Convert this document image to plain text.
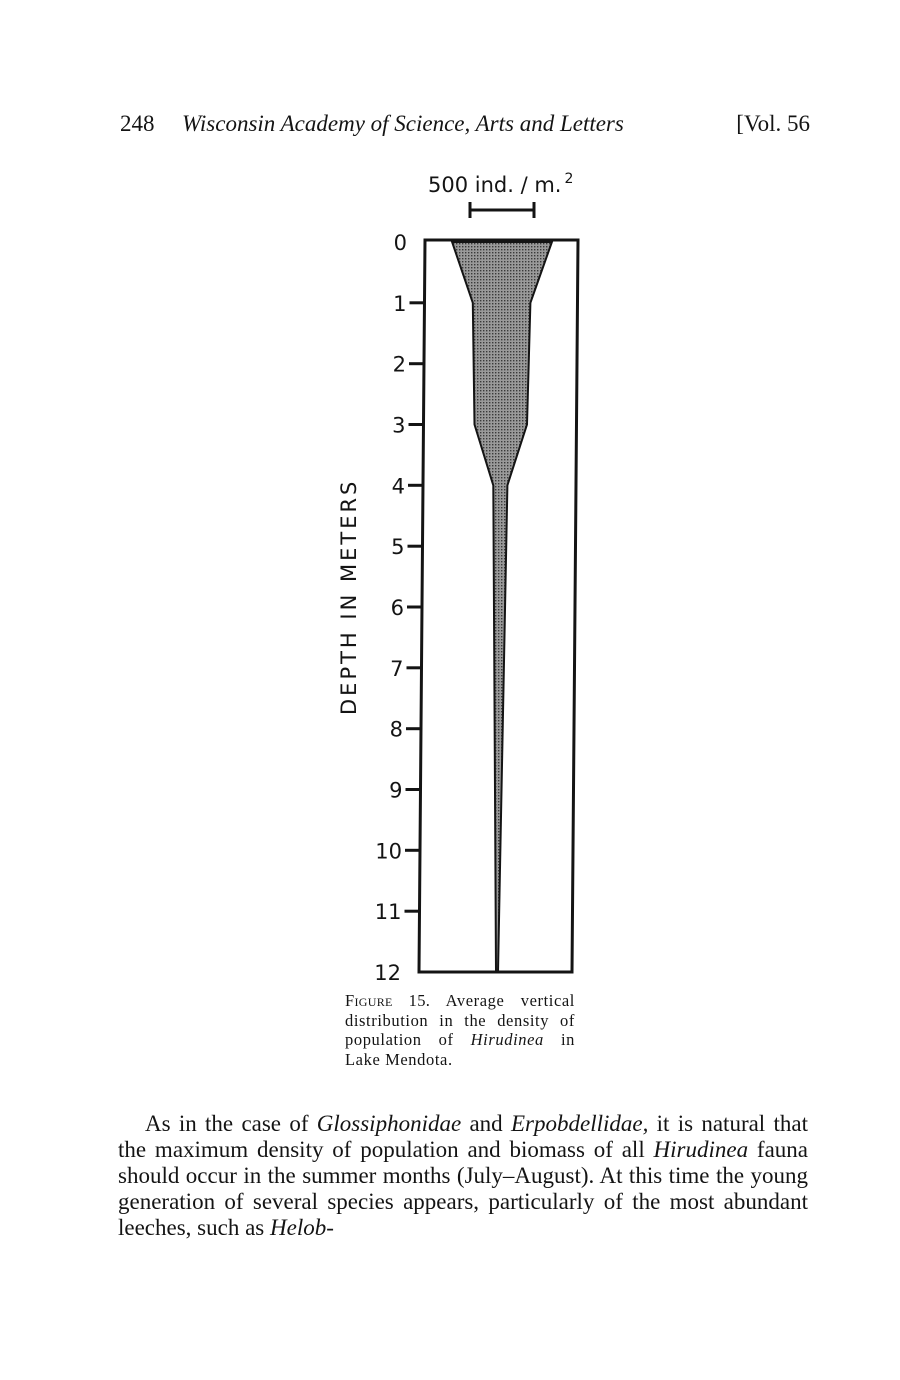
248 Wisconsin Academy of Science, Arts and Letters	[Vol. 56
500 ind. / m. $^2$
DEPTH IN METERS
0
1
2
3
4
5
6
7
8
9
10
11
12
Figure 15. Average vertical distribution in the density of population of Hirudinea in Lake Mendota.

As in the case of Glossiphonidae and Erpobdellidae, it is natural that the maximum density of population and biomass of all Hirudinea fauna should occur in the summer months (July–August). At this time the young generation of several species appears, particularly of the most abundant leeches, such as Helob-
